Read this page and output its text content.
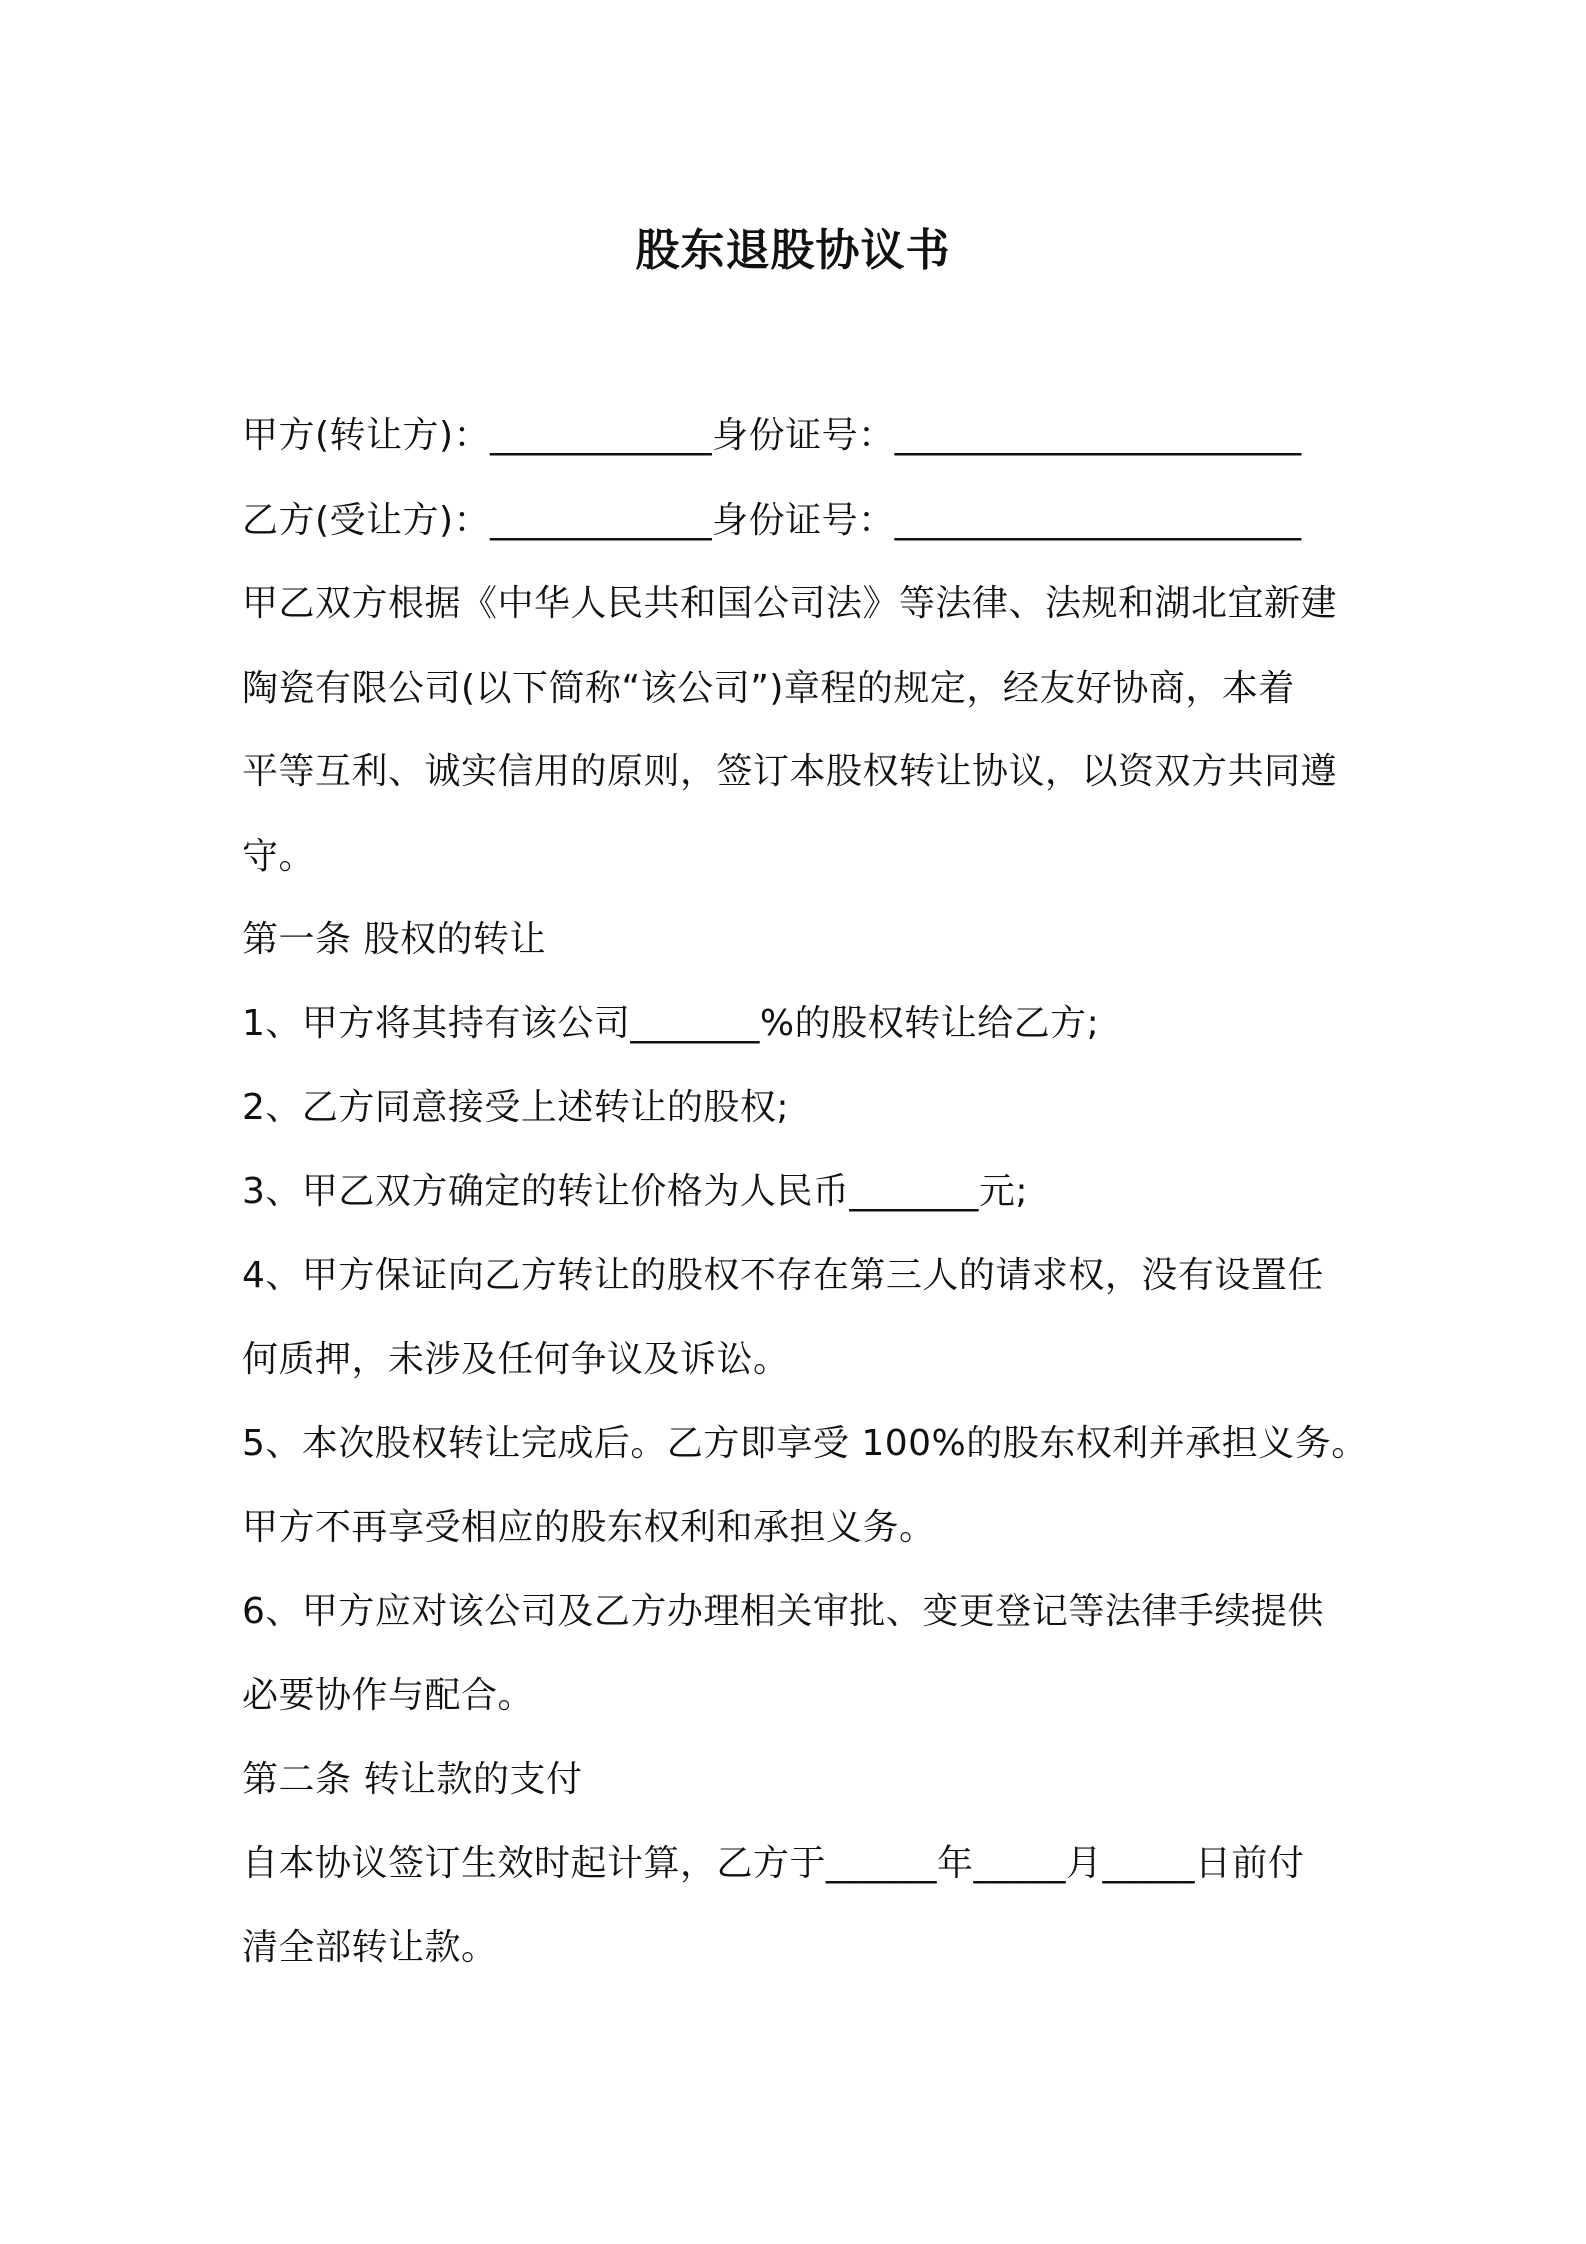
股东退股协议书
甲方(转让方)：____________身份证号：______________________
乙方(受让方)：____________身份证号：______________________
甲乙双方根据《中华人民共和国公司法》等法律、法规和湖北宜新建
陶瓷有限公司(以下简称“该公司”)章程的规定，经友好协商，本着
平等互利、诚实信用的原则，签订本股权转让协议，以资双方共同遵
守。
第一条 股权的转让
1、甲方将其持有该公司_______%的股权转让给乙方;
2、乙方同意接受上述转让的股权;
3、甲乙双方确定的转让价格为人民币_______元;
4、甲方保证向乙方转让的股权不存在第三人的请求权，没有设置任
何质押，未涉及任何争议及诉讼。
5、本次股权转让完成后。乙方即享受 100%的股东权利并承担义务。
甲方不再享受相应的股东权利和承担义务。
6、甲方应对该公司及乙方办理相关审批、变更登记等法律手续提供
必要协作与配合。
第二条 转让款的支付
自本协议签订生效时起计算，乙方于______年_____月_____日前付
清全部转让款。
